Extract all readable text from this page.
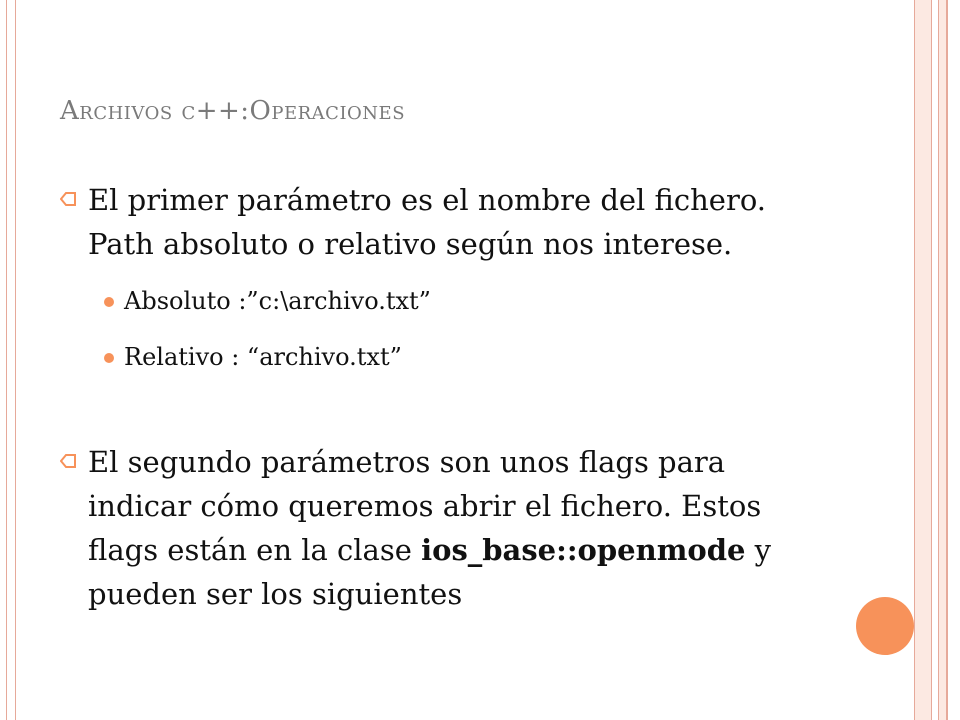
Archivos c++:Operaciones
El primer parámetro es el nombre del fichero. Path absoluto o relativo según nos interese.
Absoluto :”c:\archivo.txt”
Relativo : “archivo.txt”
El segundo parámetros son unos flags para indicar cómo queremos abrir el fichero. Estos flags están en la clase ios_base::openmode y pueden ser los siguientes
